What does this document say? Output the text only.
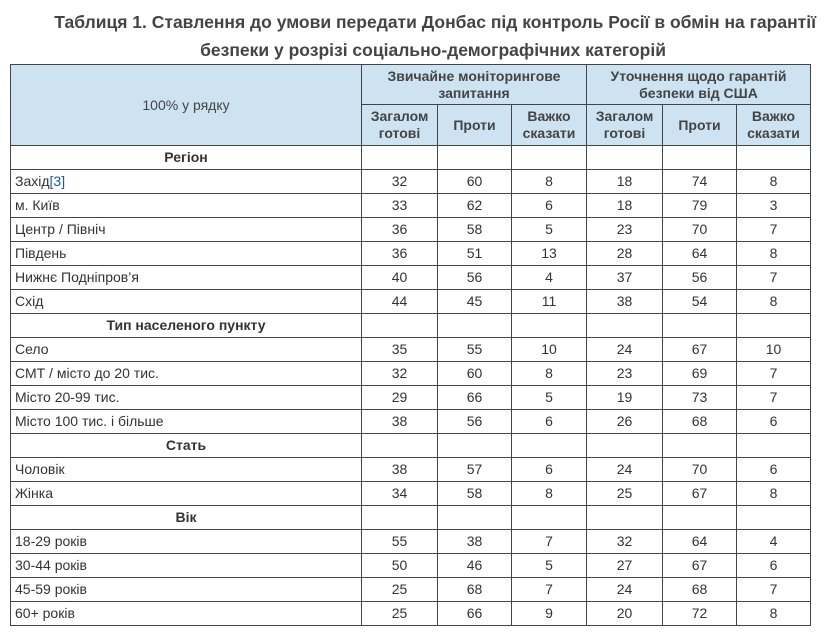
Таблиця 1. Ставлення до умови передати Донбас під контроль Росії в обмін на гарантії
безпеки у розрізі соціально-демографічних категорій
100% у рядку	Звичайне моніторингове запитання			Уточнення щодо гарантій безпеки від США		
	Загалом готові	Проти	Важко сказати	Загалом готові	Проти	Важко сказати
Регіон						
Захід[3]	32	60	8	18	74	8
м. Київ	33	62	6	18	79	3
Центр / Північ	36	58	5	23	70	7
Південь	36	51	13	28	64	8
Нижнє Подніпров’я	40	56	4	37	56	7
Схід	44	45	11	38	54	8
Тип населеного пункту						
Село	35	55	10	24	67	10
СМТ / місто до 20 тис.	32	60	8	23	69	7
Місто 20-99 тис.	29	66	5	19	73	7
Місто 100 тис. і більше	38	56	6	26	68	6
Стать						
Чоловік	38	57	6	24	70	6
Жінка	34	58	8	25	67	8
Вік						
18-29 років	55	38	7	32	64	4
30-44 років	50	46	5	27	67	6
45-59 років	25	68	7	24	68	7
60+ років	25	66	9	20	72	8
